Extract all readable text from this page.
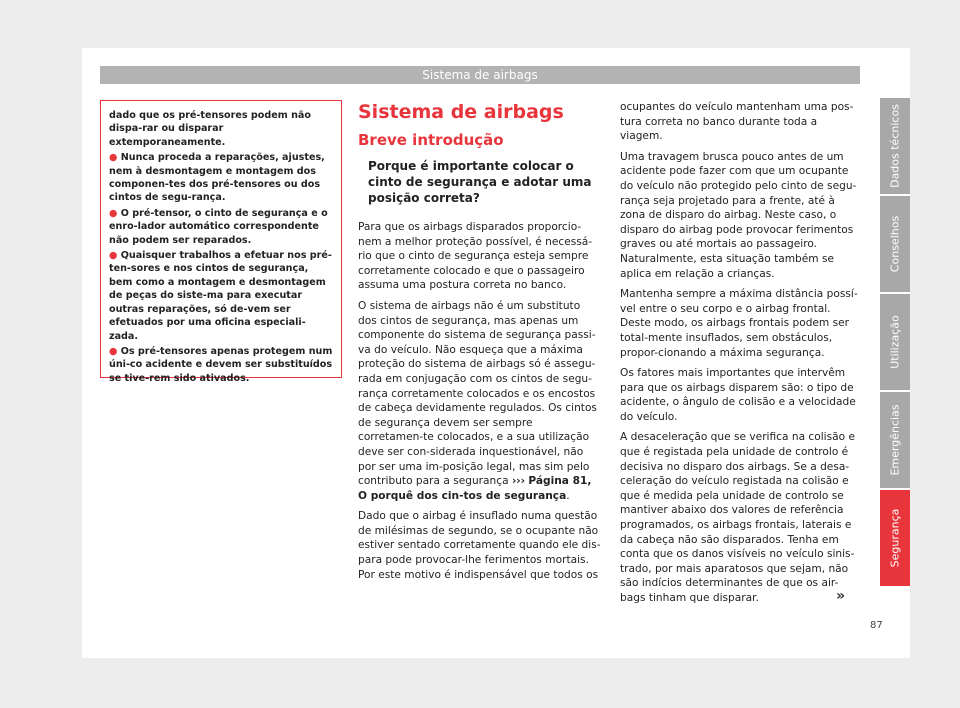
Sistema de airbags

dado que os pré-tensores podem não dispa-rar ou disparar extemporaneamente.

● Nunca proceda a reparações, ajustes, nem à desmontagem e montagem dos componen-tes dos pré-tensores ou dos cintos de segu-rança.

● O pré-tensor, o cinto de segurança e o enro-lador automático correspondente não podem ser reparados.

● Quaisquer trabalhos a efetuar nos pré-ten-sores e nos cintos de segurança, bem como a montagem e desmontagem de peças do siste-ma para executar outras reparações, só de-vem ser efetuados por uma oficina especiali-zada.

● Os pré-tensores apenas protegem num úni-co acidente e devem ser substituídos se tive-rem sido ativados.

Sistema de airbags
Breve introdução
Porque é importante colocar o cinto de segurança e adotar uma posição correta?

Para que os airbags disparados proporcio-nem a melhor proteção possível, é necessá-rio que o cinto de segurança esteja sempre corretamente colocado e que o passageiro assuma uma postura correta no banco.

O sistema de airbags não é um substituto dos cintos de segurança, mas apenas um componente do sistema de segurança passi-va do veículo. Não esqueça que a máxima proteção do sistema de airbags só é assegu-rada em conjugação com os cintos de segu-rança corretamente colocados e os encostos de cabeça devidamente regulados. Os cintos de segurança devem ser sempre corretamen-te colocados, e a sua utilização deve ser con-siderada inquestionável, não por ser uma im-posição legal, mas sim pelo contributo para a segurança ››› Página 81, O porquê dos cin-tos de segurança.

Dado que o airbag é insuflado numa questão de milésimas de segundo, se o ocupante não estiver sentado corretamente quando ele dis-para pode provocar-lhe ferimentos mortais. Por este motivo é indispensável que todos os

ocupantes do veículo mantenham uma pos-tura correta no banco durante toda a viagem.

Uma travagem brusca pouco antes de um acidente pode fazer com que um ocupante do veículo não protegido pelo cinto de segu-rança seja projetado para a frente, até à zona de disparo do airbag. Neste caso, o disparo do airbag pode provocar ferimentos graves ou até mortais ao passageiro. Naturalmente, esta situação também se aplica em relação a crianças.

Mantenha sempre a máxima distância possí-vel entre o seu corpo e o airbag frontal. Deste modo, os airbags frontais podem ser total-mente insuflados, sem obstáculos, propor-cionando a máxima segurança.

Os fatores mais importantes que intervêm para que os airbags disparem são: o tipo de acidente, o ângulo de colisão e a velocidade do veículo.

A desaceleração que se verifica na colisão e que é registada pela unidade de controlo é decisiva no disparo dos airbags. Se a desa-celeração do veículo registada na colisão e que é medida pela unidade de controlo se mantiver abaixo dos valores de referência programados, os airbags frontais, laterais e da cabeça não são disparados. Tenha em conta que os danos visíveis no veículo sinis-trado, por mais aparatosos que sejam, não são indícios determinantes de que os air-bags tinham que disparar.	»
87
Dados técnicos
Conselhos
Utilização
Emergências
Segurança
